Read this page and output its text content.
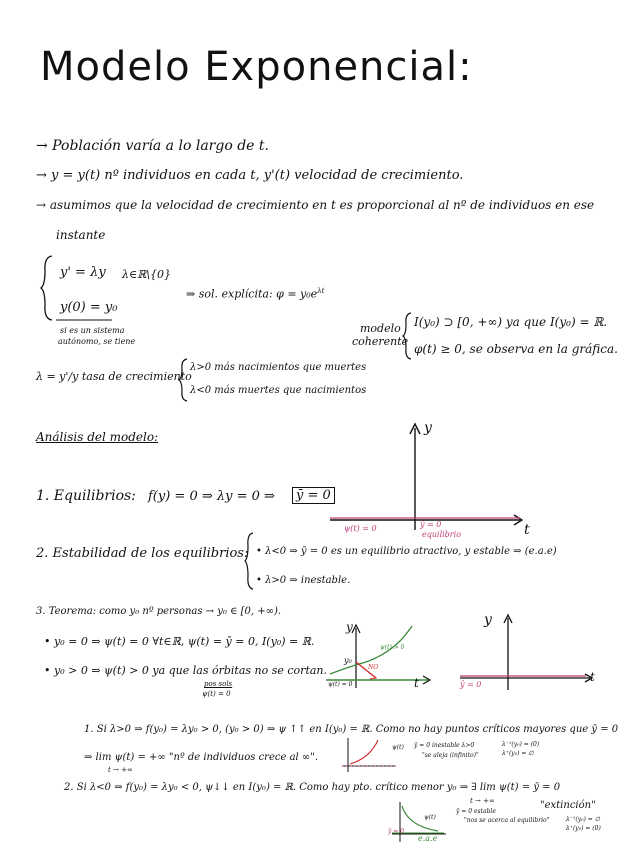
Modelo Exponencial:
→ Población varía a lo largo de t.
→ y = y(t) nº individuos en cada t, y'(t) velocidad de crecimiento.
→ asumimos que la velocidad de crecimiento en t es proporcional al nº de individuos en ese
instante
y' = λy λ∈ℝ\{0}
y(0) = y₀
si es un sistema
autónomo, se tiene
⇒ sol. explícita: $\varphi = y_0e^{\lambda t}$
modelo
coherente
I(y₀) ⊃ [0, +∞) ya que I(y₀) = ℝ.
φ(t) ≥ 0, se observa en la gráfica.
λ = y'/y tasa de crecimiento
λ>0 más nacimientos que muertes
λ<0 más muertes que nacimientos
Análisis del modelo:
1. Equilibrios: f(y) = 0 ⇒ λy = 0 ⇒	ȳ = 0
y
t
ψ(t) = 0	ȳ = 0
equilibrio
2. Estabilidad de los equilibrios: • λ<0 ⇒ ȳ = 0 es un equilibrio atractivo, y estable ⇒ (e.a.e)
• λ>0 ⇒ inestable.
3. Teorema: como y₀ nº personas → y₀ ∈ [0, +∞).
• y₀ = 0 ⇒ ψ(t) = 0 ∀t∈ℝ, ψ(t) = ȳ = 0, I(y₀) = ℝ.
• y₀ > 0 ⇒ ψ(t) > 0 ya que las órbitas no se cortan.
pos sols
ψ(t) = 0
y
t
ψ(t) > 0
y₀
NO
ψ(t) = 0
y
t
ȳ = 0
1. Si λ>0 ⇒ f(y₀) = λy₀ > 0, (y₀ > 0) ⇒ ψ ↑↑ en I(y₀) = ℝ. Como no hay puntos críticos mayores que ȳ = 0
⇒ lim ψ(t) = +∞ "nº de individuos crece al ∞".
t → +∞
ψ(t) ȳ = 0 inestable λ>0
"se aleja (infinito)"
λ⁻¹(y₀) = (0)
λ⁺(y₀) = ∅
2. Si λ<0 ⇒ f(y₀) = λy₀ < 0, ψ↓↓ en I(y₀) = ℝ. Como hay pto. crítico menor y₀ ⇒ ∃ lim ψ(t) = ȳ = 0
t → +∞	"extinción"
ȳ = 0 estable
"nos se acerca al equilibrio"	λ⁻¹(y₀) = ∅
λ⁺(y₀) = (0)
ψ(t)
ȳ = 0
e.a.e
